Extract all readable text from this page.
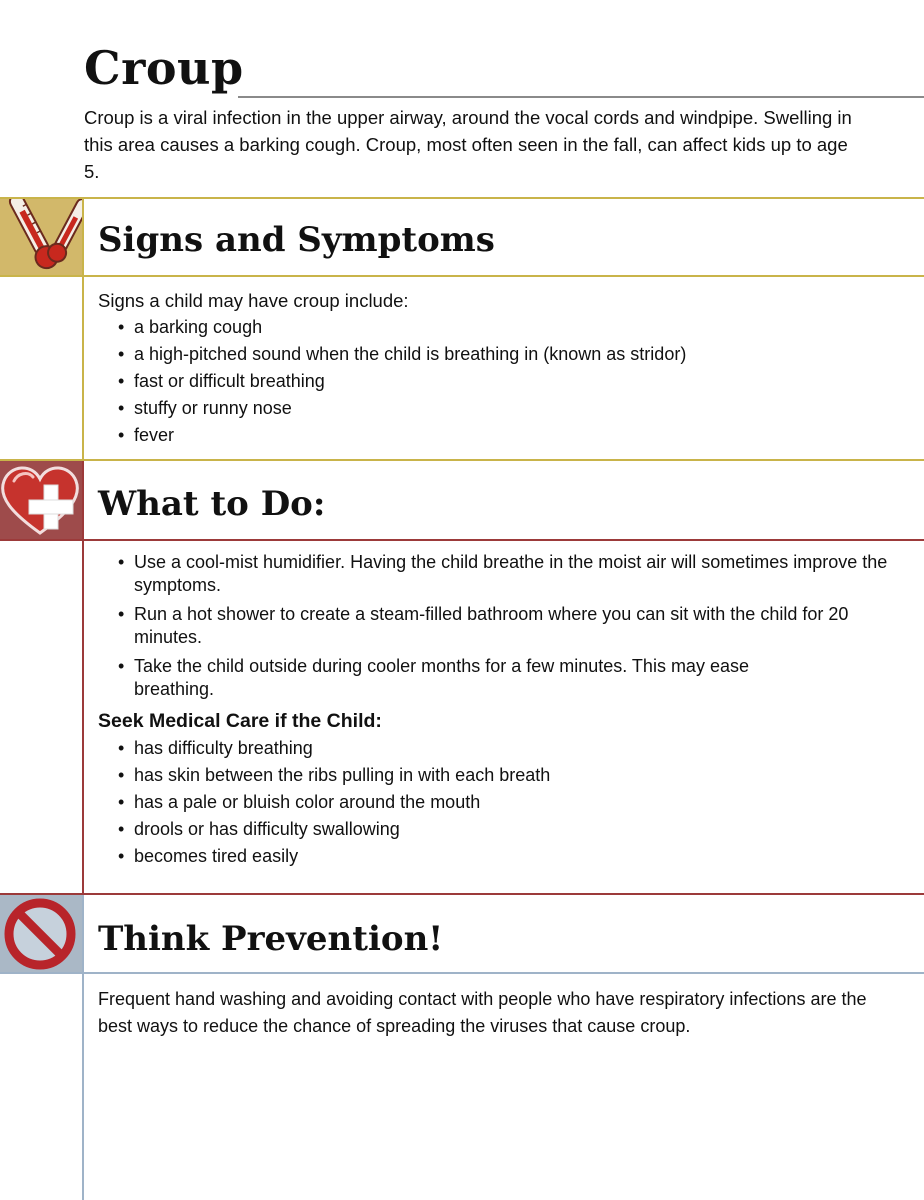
Croup

Croup is a viral infection in the upper airway, around the vocal cords and windpipe. Swelling in this area causes a barking cough. Croup, most often seen in the fall, can affect kids up to age 5.

Signs and Symptoms

Signs a child may have croup include:

• a barking cough
• a high-pitched sound when the child is breathing in (known as stridor)
• fast or difficult breathing
• stuffy or runny nose
• fever
What to Do:
• Use a cool-mist humidifier. Having the child breathe in the moist air will sometimes improve the symptoms.
• Run a hot shower to create a steam-filled bathroom where you can sit with the child for 20 minutes.
• Take the child outside during cooler months for a few minutes. This may ease breathing.

Seek Medical Care if the Child:

• has difficulty breathing
• has skin between the ribs pulling in with each breath
• has a pale or bluish color around the mouth
• drools or has difficulty swallowing
• becomes tired easily
Think Prevention!

Frequent hand washing and avoiding contact with people who have respiratory infections are the best ways to reduce the chance of spreading the viruses that cause croup.
